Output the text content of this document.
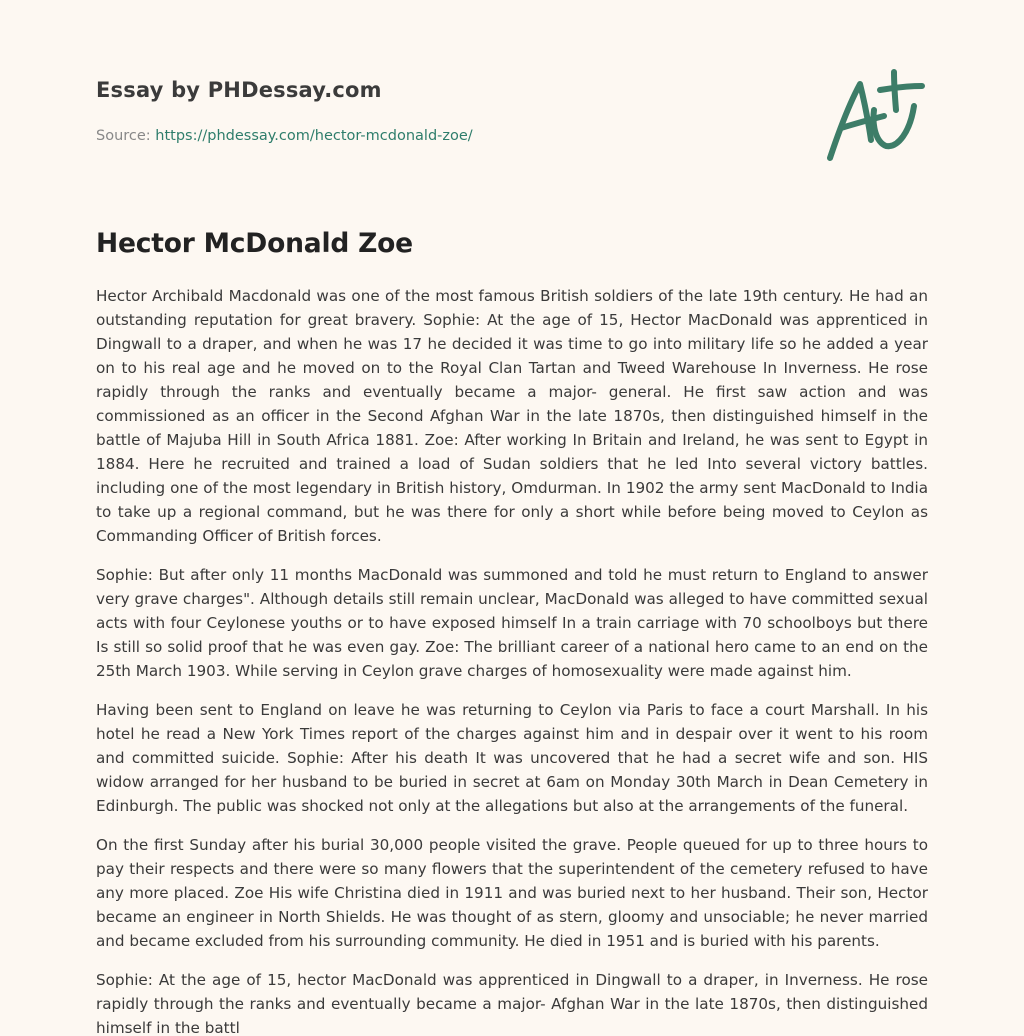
Essay by PHDessay.com
Source: https://phdessay.com/hector-mcdonald-zoe/
Hector McDonald Zoe

Hector Archibald Macdonald was one of the most famous British soldiers of the late 19th century. He had an outstanding reputation for great bravery. Sophie: At the age of 15, Hector MacDonald was apprenticed in Dingwall to a draper, and when he was 17 he decided it was time to go into military life so he added a year on to his real age and he moved on to the Royal Clan Tartan and Tweed Warehouse In Inverness. He rose rapidly through the ranks and eventually became a major- general. He first saw action and was commissioned as an officer in the Second Afghan War in the late 1870s, then distinguished himself in the battle of Majuba Hill in South Africa 1881. Zoe: After working In Britain and Ireland, he was sent to Egypt in 1884. Here he recruited and trained a load of Sudan soldiers that he led Into several victory battles. including one of the most legendary in British history, Omdurman. In 1902 the army sent MacDonald to India to take up a regional command, but he was there for only a short while before being moved to Ceylon as Commanding Officer of British forces.

Sophie: But after only 11 months MacDonald was summoned and told he must return to England to answer very grave charges". Although details still remain unclear, MacDonald was alleged to have committed sexual acts with four Ceylonese youths or to have exposed himself In a train carriage with 70 schoolboys but there Is still so solid proof that he was even gay. Zoe: The brilliant career of a national hero came to an end on the 25th March 1903. While serving in Ceylon grave charges of homosexuality were made against him.

Having been sent to England on leave he was returning to Ceylon via Paris to face a court Marshall. In his hotel he read a New York Times report of the charges against him and in despair over it went to his room and committed suicide. Sophie: After his death It was uncovered that he had a secret wife and son. HIS widow arranged for her husband to be buried in secret at 6am on Monday 30th March in Dean Cemetery in Edinburgh. The public was shocked not only at the allegations but also at the arrangements of the funeral.

On the first Sunday after his burial 30,000 people visited the grave. People queued for up to three hours to pay their respects and there were so many flowers that the superintendent of the cemetery refused to have any more placed. Zoe His wife Christina died in 1911 and was buried next to her husband. Their son, Hector became an engineer in North Shields. He was thought of as stern, gloomy and unsociable; he never married and became excluded from his surrounding community. He died in 1951 and is buried with his parents.

Sophie: At the age of 15, hector MacDonald was apprenticed in Dingwall to a draper, in Inverness. He rose rapidly through the ranks and eventually became a major- Afghan War in the late 1870s, then distinguished himself in the battl
